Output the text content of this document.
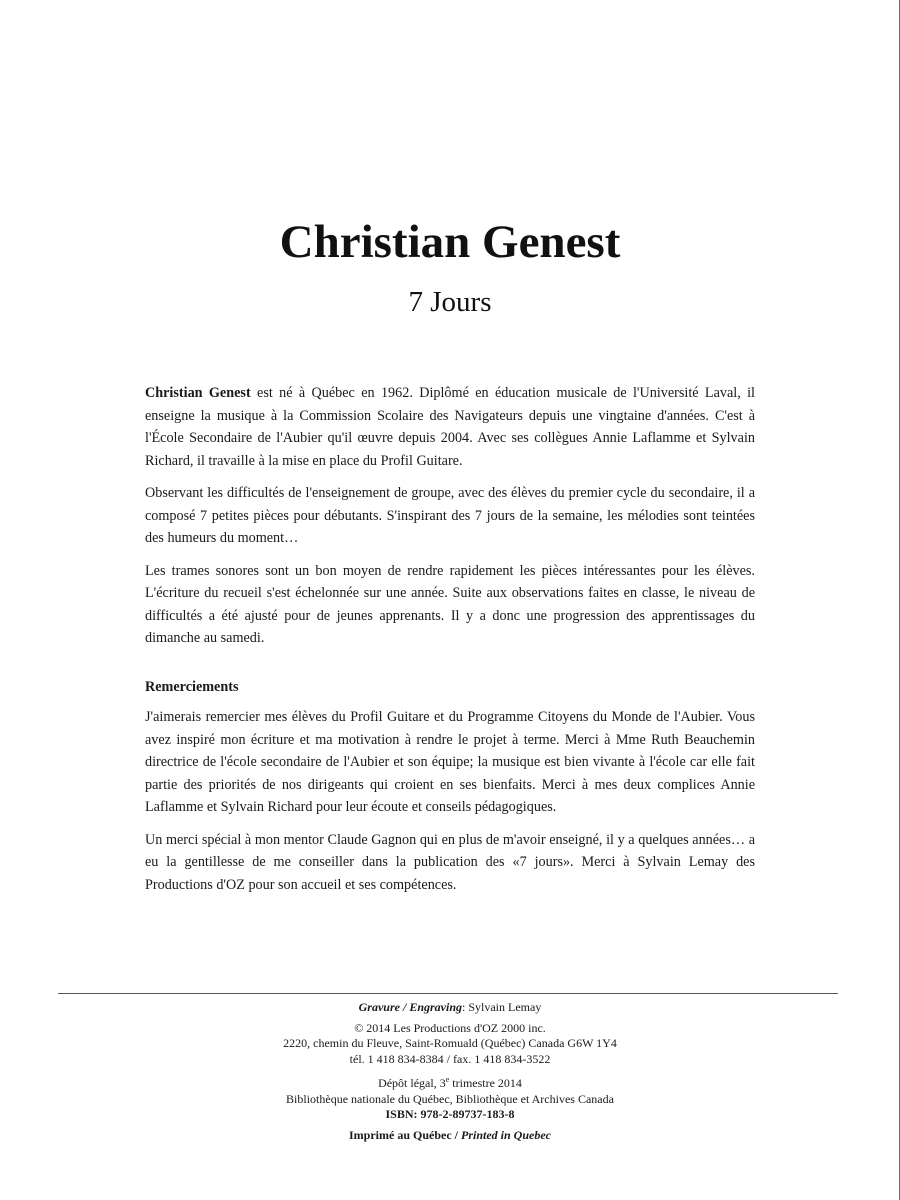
Christian Genest
7 Jours

Christian Genest est né à Québec en 1962. Diplômé en éducation musicale de l'Université Laval, il enseigne la musique à la Commission Scolaire des Navigateurs depuis une vingtaine d'années. C'est à l'École Secondaire de l'Aubier qu'il œuvre depuis 2004. Avec ses collègues Annie Laflamme et Sylvain Richard, il travaille à la mise en place du Profil Guitare.

Observant les difficultés de l'enseignement de groupe, avec des élèves du premier cycle du secondaire, il a composé 7 petites pièces pour débutants. S'inspirant des 7 jours de la semaine, les mélodies sont teintées des humeurs du moment…

Les trames sonores sont un bon moyen de rendre rapidement les pièces intéressantes pour les élèves. L'écriture du recueil s'est échelonnée sur une année. Suite aux observations faites en classe, le niveau de difficultés a été ajusté pour de jeunes apprenants. Il y a donc une progression des apprentissages du dimanche au samedi.

Remerciements

J'aimerais remercier mes élèves du Profil Guitare et du Programme Citoyens du Monde de l'Aubier. Vous avez inspiré mon écriture et ma motivation à rendre le projet à terme. Merci à Mme Ruth Beauchemin directrice de l'école secondaire de l'Aubier et son équipe; la musique est bien vivante à l'école car elle fait partie des priorités de nos dirigeants qui croient en ses bienfaits. Merci à mes deux complices Annie Laflamme et Sylvain Richard pour leur écoute et conseils pédagogiques.

Un merci spécial à mon mentor Claude Gagnon qui en plus de m'avoir enseigné, il y a quelques années… a eu la gentillesse de me conseiller dans la publication des «7 jours». Merci à Sylvain Lemay des Productions d'OZ pour son accueil et ses compétences.

Gravure / Engraving: Sylvain Lemay
© 2014 Les Productions d'OZ 2000 inc.
2220, chemin du Fleuve, Saint-Romuald (Québec) Canada G6W 1Y4
tél. 1 418 834-8384 / fax. 1 418 834-3522
Dépôt légal, 3e trimestre 2014
Bibliothèque nationale du Québec, Bibliothèque et Archives Canada
ISBN: 978-2-89737-183-8
Imprimé au Québec / Printed in Quebec
